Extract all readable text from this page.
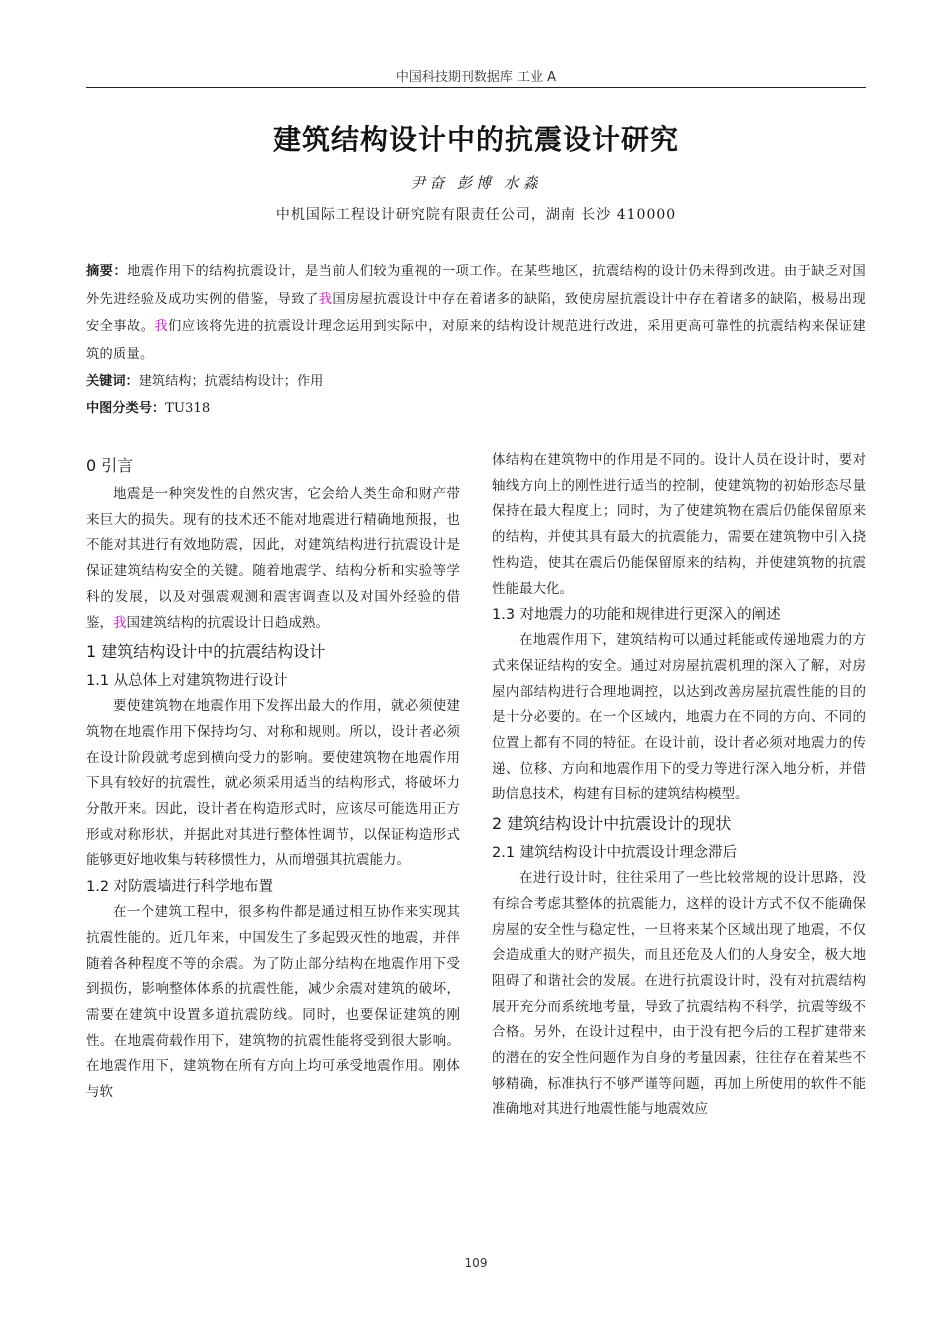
中国科技期刊数据库 工业 A
建筑结构设计中的抗震设计研究
尹奋 彭博 水淼
中机国际工程设计研究院有限责任公司，湖南 长沙 410000
摘要：地震作用下的结构抗震设计，是当前人们较为重视的一项工作。在某些地区，抗震结构的设计仍未得到改进。由于缺乏对国外先进经验及成功实例的借鉴，导致了我国房屋抗震设计中存在着诸多的缺陷，致使房屋抗震设计中存在着诸多的缺陷，极易出现安全事故。我们应该将先进的抗震设计理念运用到实际中，对原来的结构设计规范进行改进，采用更高可靠性的抗震结构来保证建筑的质量。
关键词：建筑结构；抗震结构设计；作用
中图分类号：TU318
0 引言

地震是一种突发性的自然灾害，它会给人类生命和财产带来巨大的损失。现有的技术还不能对地震进行精确地预报，也不能对其进行有效地防震，因此，对建筑结构进行抗震设计是保证建筑结构安全的关键。随着地震学、结构分析和实验等学科的发展，以及对强震观测和震害调查以及对国外经验的借鉴，我国建筑结构的抗震设计日趋成熟。

1 建筑结构设计中的抗震结构设计
1.1 从总体上对建筑物进行设计

要使建筑物在地震作用下发挥出最大的作用，就必须使建筑物在地震作用下保持均匀、对称和规则。所以，设计者必须在设计阶段就考虑到横向受力的影响。要使建筑物在地震作用下具有较好的抗震性，就必须采用适当的结构形式，将破坏力分散开来。因此，设计者在构造形式时，应该尽可能选用正方形或对称形状，并据此对其进行整体性调节，以保证构造形式能够更好地收集与转移惯性力，从而增强其抗震能力。

1.2 对防震墙进行科学地布置

在一个建筑工程中，很多构件都是通过相互协作来实现其抗震性能的。近几年来，中国发生了多起毁灭性的地震，并伴随着各种程度不等的余震。为了防止部分结构在地震作用下受到损伤，影响整体体系的抗震性能，减少余震对建筑的破坏，需要在建筑中设置多道抗震防线。同时，也要保证建筑的刚性。在地震荷载作用下，建筑物的抗震性能将受到很大影响。在地震作用下，建筑物在所有方向上均可承受地震作用。刚体与软

体结构在建筑物中的作用是不同的。设计人员在设计时，要对轴线方向上的刚性进行适当的控制，使建筑物的初始形态尽量保持在最大程度上；同时，为了使建筑物在震后仍能保留原来的结构，并使其具有最大的抗震能力，需要在建筑物中引入挠性构造，使其在震后仍能保留原来的结构，并使建筑物的抗震性能最大化。

1.3 对地震力的功能和规律进行更深入的阐述

在地震作用下，建筑结构可以通过耗能或传递地震力的方式来保证结构的安全。通过对房屋抗震机理的深入了解，对房屋内部结构进行合理地调控，以达到改善房屋抗震性能的目的是十分必要的。在一个区域内，地震力在不同的方向、不同的位置上都有不同的特征。在设计前，设计者必须对地震力的传递、位移、方向和地震作用下的受力等进行深入地分析，并借助信息技术，构建有目标的建筑结构模型。

2 建筑结构设计中抗震设计的现状
2.1 建筑结构设计中抗震设计理念滞后

在进行设计时，往往采用了一些比较常规的设计思路，没有综合考虑其整体的抗震能力，这样的设计方式不仅不能确保房屋的安全性与稳定性，一旦将来某个区域出现了地震，不仅会造成重大的财产损失，而且还危及人们的人身安全，极大地阻碍了和谐社会的发展。在进行抗震设计时，没有对抗震结构展开充分而系统地考量，导致了抗震结构不科学，抗震等级不合格。另外，在设计过程中，由于没有把今后的工程扩建带来的潜在的安全性问题作为自身的考量因素，往往存在着某些不够精确，标准执行不够严谨等问题，再加上所使用的软件不能准确地对其进行地震性能与地震效应

109
